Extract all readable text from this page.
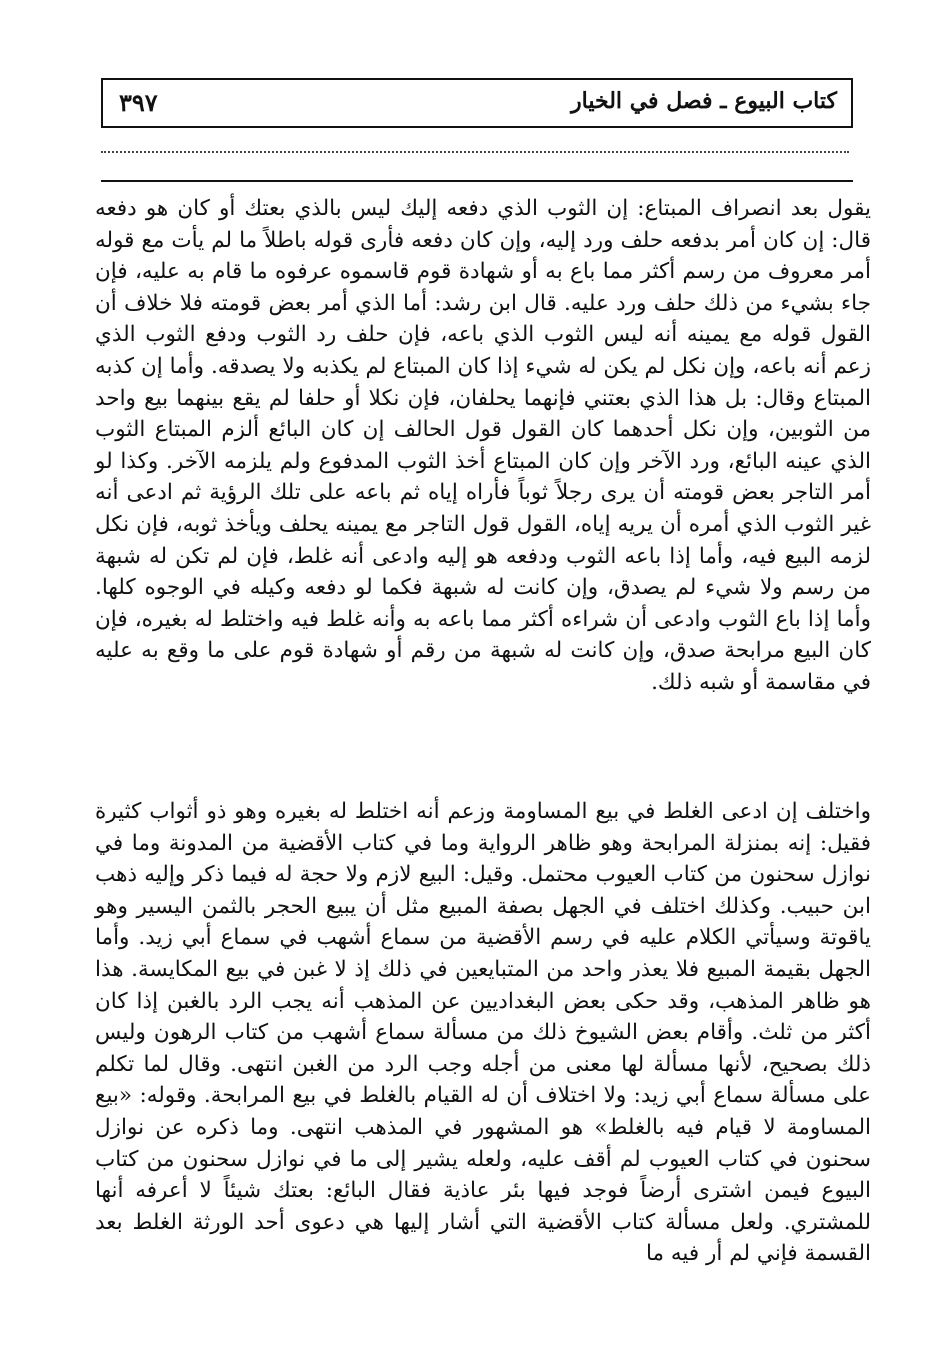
كتاب البيوع ـ فصل في الخيار
٣٩٧

يقول بعد انصراف المبتاع: إن الثوب الذي دفعه إليك ليس بالذي بعتك أو كان هو دفعه قال: إن كان أمر بدفعه حلف ورد إليه، وإن كان دفعه فأرى قوله باطلاً ما لم يأت مع قوله أمر معروف من رسم أكثر مما باع به أو شهادة قوم قاسموه عرفوه ما قام به عليه، فإن جاء بشيء من ذلك حلف ورد عليه. قال ابن رشد: أما الذي أمر بعض قومته فلا خلاف أن القول قوله مع يمينه أنه ليس الثوب الذي باعه، فإن حلف رد الثوب ودفع الثوب الذي زعم أنه باعه، وإن نكل لم يكن له شيء إذا كان المبتاع لم يكذبه ولا يصدقه. وأما إن كذبه المبتاع وقال: بل هذا الذي بعتني فإنهما يحلفان، فإن نكلا أو حلفا لم يقع بينهما بيع واحد من الثوبين، وإن نكل أحدهما كان القول قول الحالف إن كان البائع ألزم المبتاع الثوب الذي عينه البائع، ورد الآخر وإن كان المبتاع أخذ الثوب المدفوع ولم يلزمه الآخر. وكذا لو أمر التاجر بعض قومته أن يرى رجلاً ثوباً فأراه إياه ثم باعه على تلك الرؤية ثم ادعى أنه غير الثوب الذي أمره أن يريه إياه، القول قول التاجر مع يمينه يحلف ويأخذ ثوبه، فإن نكل لزمه البيع فيه، وأما إذا باعه الثوب ودفعه هو إليه وادعى أنه غلط، فإن لم تكن له شبهة من رسم ولا شيء لم يصدق، وإن كانت له شبهة فكما لو دفعه وكيله في الوجوه كلها. وأما إذا باع الثوب وادعى أن شراءه أكثر مما باعه به وأنه غلط فيه واختلط له بغيره، فإن كان البيع مرابحة صدق، وإن كانت له شبهة من رقم أو شهادة قوم على ما وقع به عليه في مقاسمة أو شبه ذلك.

واختلف إن ادعى الغلط في بيع المساومة وزعم أنه اختلط له بغيره وهو ذو أثواب كثيرة فقيل: إنه بمنزلة المرابحة وهو ظاهر الرواية وما في كتاب الأقضية من المدونة وما في نوازل سحنون من كتاب العيوب محتمل. وقيل: البيع لازم ولا حجة له فيما ذكر وإليه ذهب ابن حبيب. وكذلك اختلف في الجهل بصفة المبيع مثل أن يبيع الحجر بالثمن اليسير وهو ياقوتة وسيأتي الكلام عليه في رسم الأقضية من سماع أشهب في سماع أبي زيد. وأما الجهل بقيمة المبيع فلا يعذر واحد من المتبايعين في ذلك إذ لا غبن في بيع المكايسة. هذا هو ظاهر المذهب، وقد حكى بعض البغداديين عن المذهب أنه يجب الرد بالغبن إذا كان أكثر من ثلث. وأقام بعض الشيوخ ذلك من مسألة سماع أشهب من كتاب الرهون وليس ذلك بصحيح، لأنها مسألة لها معنى من أجله وجب الرد من الغبن انتهى. وقال لما تكلم على مسألة سماع أبي زيد: ولا اختلاف أن له القيام بالغلط في بيع المرابحة. وقوله: «بيع المساومة لا قيام فيه بالغلط» هو المشهور في المذهب انتهى. وما ذكره عن نوازل سحنون في كتاب العيوب لم أقف عليه، ولعله يشير إلى ما في نوازل سحنون من كتاب البيوع فيمن اشترى أرضاً فوجد فيها بئر عاذية فقال البائع: بعتك شيئاً لا أعرفه أنها للمشتري. ولعل مسألة كتاب الأقضية التي أشار إليها هي دعوى أحد الورثة الغلط بعد القسمة فإني لم أر فيه ما
